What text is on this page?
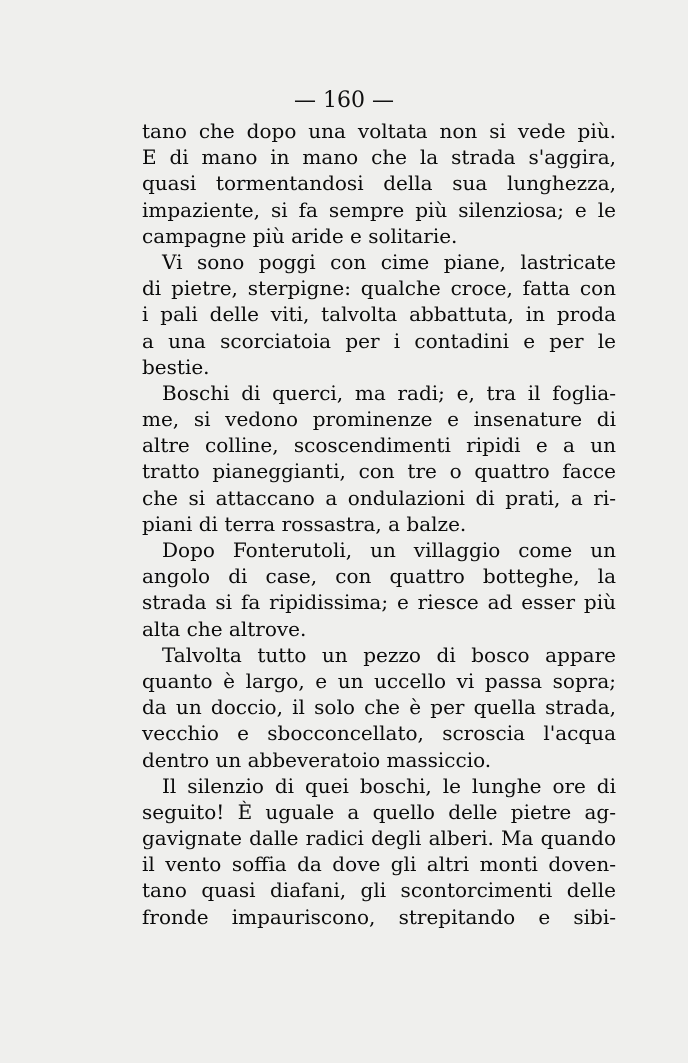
— 160 —
tano che dopo una voltata non si vede più.
E di mano in mano che la strada s'aggira,
quasi tormentandosi della sua lunghezza,
impaziente, si fa sempre più silenziosa; e le
campagne più aride e solitarie.
Vi sono poggi con cime piane, lastricate
di pietre, sterpigne: qualche croce, fatta con
i pali delle viti, talvolta abbattuta, in proda
a una scorciatoia per i contadini e per le
bestie.
Boschi di querci, ma radi; e, tra il foglia-
me, si vedono prominenze e insenature di
altre colline, scoscendimenti ripidi e a un
tratto pianeggianti, con tre o quattro facce
che si attaccano a ondulazioni di prati, a ri-
piani di terra rossastra, a balze.
Dopo Fonterutoli, un villaggio come un
angolo di case, con quattro botteghe, la
strada si fa ripidissima; e riesce ad esser più
alta che altrove.
Talvolta tutto un pezzo di bosco appare
quanto è largo, e un uccello vi passa sopra;
da un doccio, il solo che è per quella strada,
vecchio e sbocconcellato, scroscia l'acqua
dentro un abbeveratoio massiccio.
Il silenzio di quei boschi, le lunghe ore di
seguito! È uguale a quello delle pietre ag-
gavignate dalle radici degli alberi. Ma quando
il vento soffia da dove gli altri monti doven-
tano quasi diafani, gli scontorcimenti delle
fronde impauriscono, strepitando e sibi-
